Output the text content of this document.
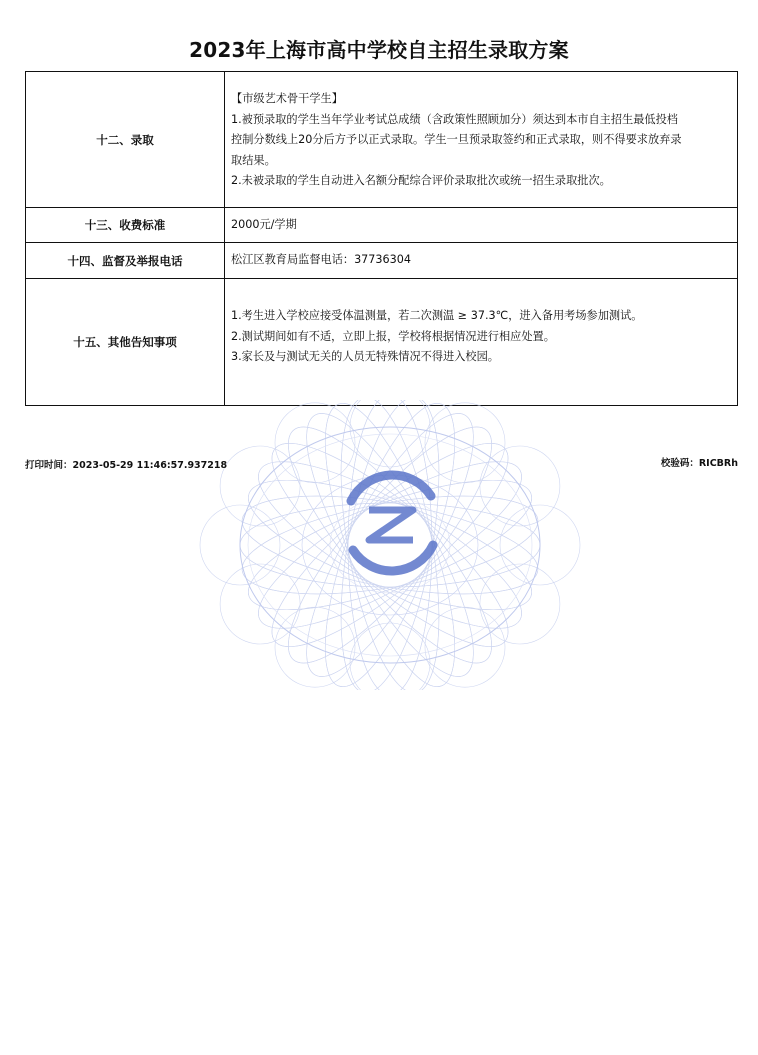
2023年上海市高中学校自主招生录取方案
十二、录取	【市级艺术骨干学生】
1.被预录取的学生当年学业考试总成绩（含政策性照顾加分）须达到本市自主招生最低投档
控制分数线上20分后方予以正式录取。学生一旦预录取签约和正式录取，则不得要求放弃录
取结果。
2.未被录取的学生自动进入名额分配综合评价录取批次或统一招生录取批次。

十三、收费标准	2000元/学期

十四、监督及举报电话	松江区教育局监督电话：37736304

十五、其他告知事项	1.考生进入学校应接受体温测量，若二次测温 ≥ 37.3℃，进入备用考场参加测试。
2.测试期间如有不适，立即上报，学校将根据情况进行相应处置。
3.家长及与测试无关的人员无特殊情况不得进入校园。
打印时间：2023-05-29 11:46:57.937218	校验码：RICBRh
